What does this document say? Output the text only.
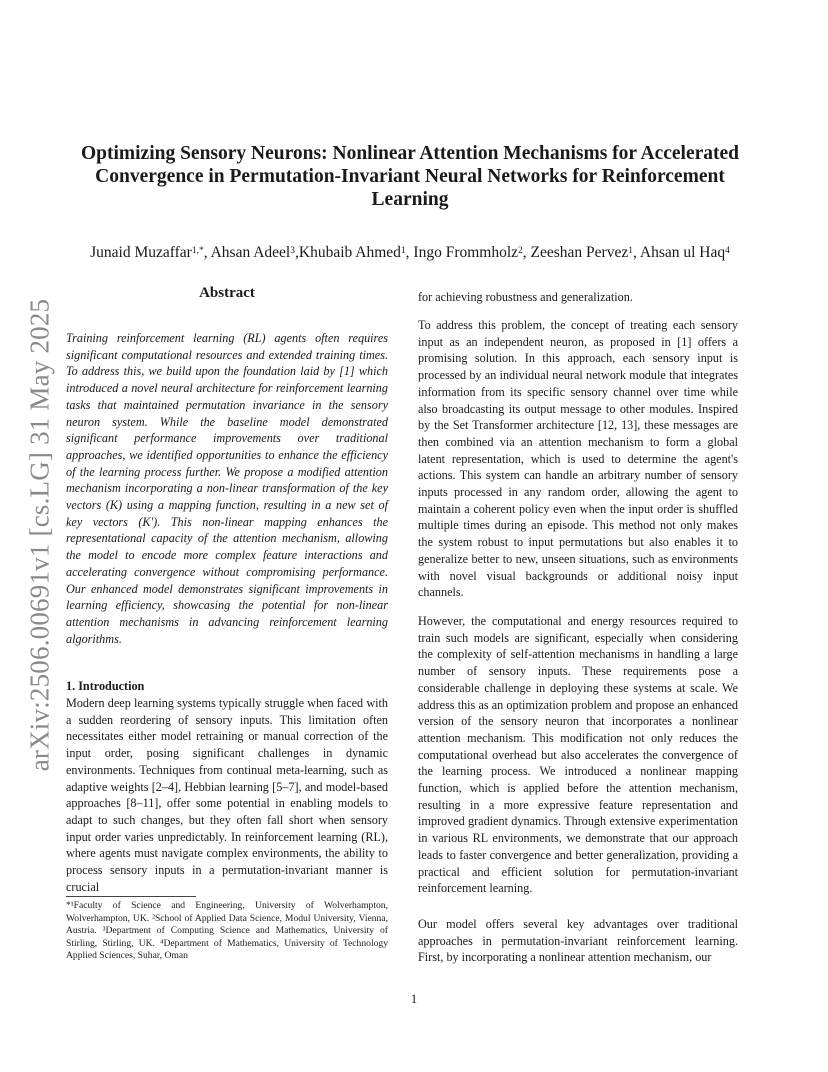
arXiv:2506.00691v1 [cs.LG] 31 May 2025
Optimizing Sensory Neurons: Nonlinear Attention Mechanisms for Accelerated Convergence in Permutation-Invariant Neural Networks for Reinforcement Learning
Junaid Muzaffar$^{1,*}$, Ahsan Adeel$^3$,Khubaib Ahmed$^1$, Ingo Frommholz$^2$, Zeeshan Pervez$^1$, Ahsan ul Haq$^4$
Abstract
Training reinforcement learning (RL) agents often requires significant computational resources and extended training times. To address this, we build upon the foundation laid by [1] which introduced a novel neural architecture for reinforcement learning tasks that maintained permutation invariance in the sensory neuron system. While the baseline model demonstrated significant performance improvements over traditional approaches, we identified opportunities to enhance the efficiency of the learning process further. We propose a modified attention mechanism incorporating a non-linear transformation of the key vectors (K) using a mapping function, resulting in a new set of key vectors (K'). This non-linear mapping enhances the representational capacity of the attention mechanism, allowing the model to encode more complex feature interactions and accelerating convergence without compromising performance. Our enhanced model demonstrates significant improvements in learning efficiency, showcasing the potential for non-linear attention mechanisms in advancing reinforcement learning algorithms.
1. Introduction
Modern deep learning systems typically struggle when faced with a sudden reordering of sensory inputs. This limitation often necessitates either model retraining or manual correction of the input order, posing significant challenges in dynamic environments. Techniques from continual meta-learning, such as adaptive weights [2–4], Hebbian learning [5–7], and model-based approaches [8–11], offer some potential in enabling models to adapt to such changes, but they often fall short when sensory input order varies unpredictably. In reinforcement learning (RL), where agents must navigate complex environments, the ability to process sensory inputs in a permutation-invariant manner is crucial
*¹Faculty of Science and Engineering, University of Wolverhampton, Wolverhampton, UK. ²School of Applied Data Science, Modul University, Vienna, Austria. ³Department of Computing Science and Mathematics, University of Stirling, Stirling, UK. ⁴Department of Mathematics, University of Technology Applied Sciences, Suhar, Oman
for achieving robustness and generalization.
To address this problem, the concept of treating each sensory input as an independent neuron, as proposed in [1] offers a promising solution. In this approach, each sensory input is processed by an individual neural network module that integrates information from its specific sensory channel over time while also broadcasting its output message to other modules. Inspired by the Set Transformer architecture [12, 13], these messages are then combined via an attention mechanism to form a global latent representation, which is used to determine the agent's actions. This system can handle an arbitrary number of sensory inputs processed in any random order, allowing the agent to maintain a coherent policy even when the input order is shuffled multiple times during an episode. This method not only makes the system robust to input permutations but also enables it to generalize better to new, unseen situations, such as environments with novel visual backgrounds or additional noisy input channels.
However, the computational and energy resources required to train such models are significant, especially when considering the complexity of self-attention mechanisms in handling a large number of sensory inputs. These requirements pose a considerable challenge in deploying these systems at scale. We address this as an optimization problem and propose an enhanced version of the sensory neuron that incorporates a nonlinear attention mechanism. This modification not only reduces the computational overhead but also accelerates the convergence of the learning process. We introduced a nonlinear mapping function, which is applied before the attention mechanism, resulting in a more expressive feature representation and improved gradient dynamics. Through extensive experimentation in various RL environments, we demonstrate that our approach leads to faster convergence and better generalization, providing a practical and efficient solution for permutation-invariant reinforcement learning.
Our model offers several key advantages over traditional approaches in permutation-invariant reinforcement learning. First, by incorporating a nonlinear attention mechanism, our
1
